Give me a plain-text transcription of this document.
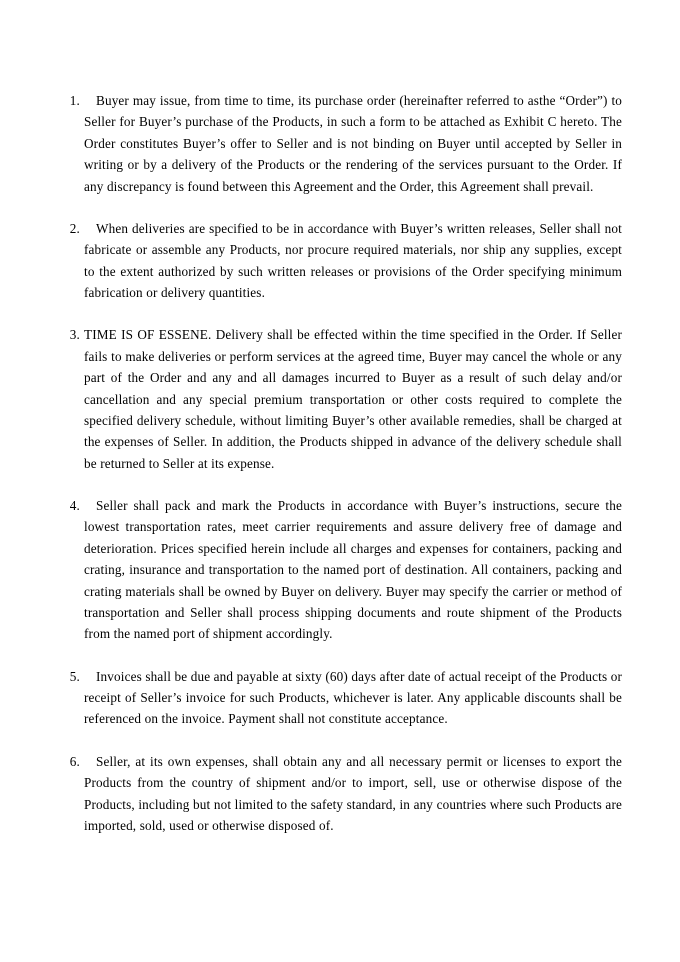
1.	Buyer may issue, from time to time, its purchase order (hereinafter referred to asthe “Order”) to Seller for Buyer’s purchase of the Products, in such a form to be attached as Exhibit C hereto. The Order constitutes Buyer’s offer to Seller and is not binding on Buyer until accepted by Seller in writing or by a delivery of the Products or the rendering of the services pursuant to the Order. If any discrepancy is found between this Agreement and the Order, this Agreement shall prevail.
2.	When deliveries are specified to be in accordance with Buyer’s written releases, Seller shall not fabricate or assemble any Products, nor procure required materials, nor ship any supplies, except to the extent authorized by such written releases or provisions of the Order specifying minimum fabrication or delivery quantities.
3. TIME IS OF ESSENE. Delivery shall be effected within the time specified in the Order. If Seller fails to make deliveries or perform services at the agreed time, Buyer may cancel the whole or any part of the Order and any and all damages incurred to Buyer as a result of such delay and/or cancellation and any special premium transportation or other costs required to complete the specified delivery schedule, without limiting Buyer’s other available remedies, shall be charged at the expenses of Seller. In addition, the Products shipped in advance of the delivery schedule shall be returned to Seller at its expense.
4.	Seller shall pack and mark the Products in accordance with Buyer’s instructions, secure the lowest transportation rates, meet carrier requirements and assure delivery free of damage and deterioration. Prices specified herein include all charges and expenses for containers, packing and crating, insurance and transportation to the named port of destination. All containers, packing and crating materials shall be owned by Buyer on delivery. Buyer may specify the carrier or method of transportation and Seller shall process shipping documents and route shipment of the Products from the named port of shipment accordingly.
5.	Invoices shall be due and payable at sixty (60) days after date of actual receipt of the Products or receipt of Seller’s invoice for such Products, whichever is later. Any applicable discounts shall be referenced on the invoice. Payment shall not constitute acceptance.
6.	Seller, at its own expenses, shall obtain any and all necessary permit or licenses to export the Products from the country of shipment and/or to import, sell, use or otherwise dispose of the Products, including but not limited to the safety standard, in any countries where such Products are imported, sold, used or otherwise disposed of.
